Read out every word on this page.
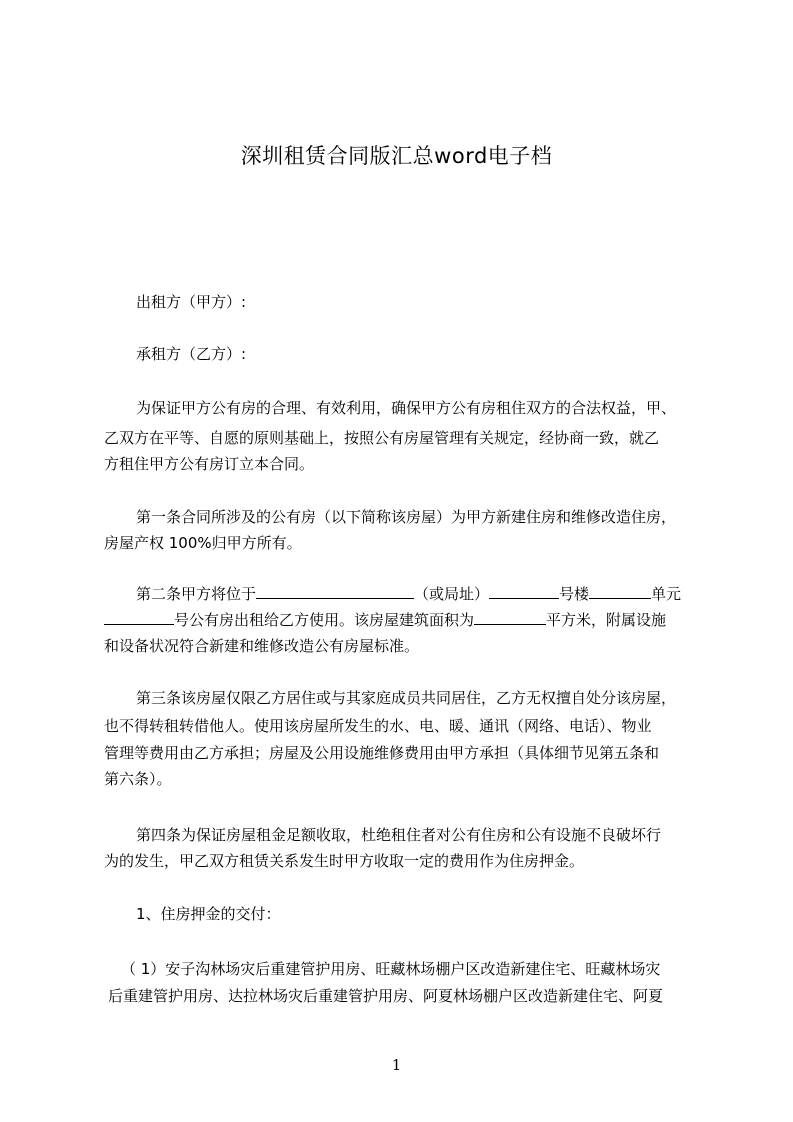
深圳租赁合同版汇总word电子档
出租方（甲方）:
承租方（乙方）:
为保证甲方公有房的合理、有效利用，确保甲方公有房租住双方的合法权益，甲、
乙双方在平等、自愿的原则基础上，按照公有房屋管理有关规定，经协商一致，就乙
方租住甲方公有房订立本合同。
第一条合同所涉及的公有房（以下简称该房屋）为甲方新建住房和维修改造住房，
房屋产权 100%归甲方所有。
第二条甲方将位于	（或局址）	号楼	单元
号公有房出租给乙方使用。该房屋建筑面积为	平方米，附属设施
和设备状况符合新建和维修改造公有房屋标准。
第三条该房屋仅限乙方居住或与其家庭成员共同居住，乙方无权擅自处分该房屋，
也不得转租转借他人。使用该房屋所发生的水、电、暖、通讯（网络、电话）、物业
管理等费用由乙方承担；房屋及公用设施维修费用由甲方承担（具体细节见第五条和
第六条）。
第四条为保证房屋租金足额收取，杜绝租住者对公有住房和公有设施不良破坏行
为的发生，甲乙双方租赁关系发生时甲方收取一定的费用作为住房押金。
1、住房押金的交付：
（ 1）安子沟林场灾后重建管护用房、旺藏林场棚户区改造新建住宅、旺藏林场灾
后重建管护用房、达拉林场灾后重建管护用房、阿夏林场棚户区改造新建住宅、阿夏
1
